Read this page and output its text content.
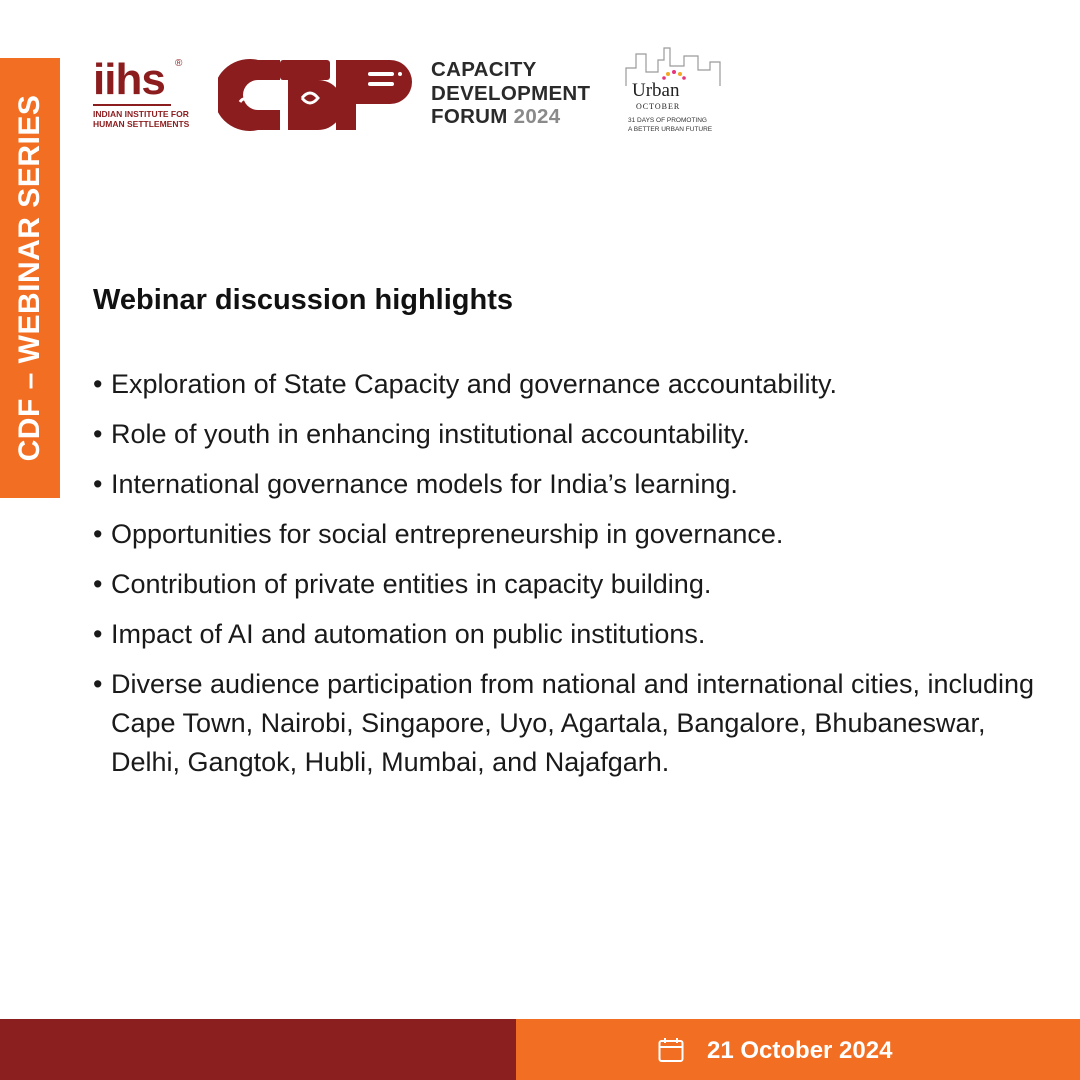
CDF – WEBINAR SERIES
iihs	®
INDIAN INSTITUTE FOR
HUMAN SETTLEMENTS
CAPACITY
DEVELOPMENT
FORUM 2024
Urban
OCTOBER
31 DAYS OF PROMOTING
A BETTER URBAN FUTURE
Webinar discussion highlights
• Exploration of State Capacity and governance accountability.
• Role of youth in enhancing institutional accountability.
• International governance models for India’s learning.
• Opportunities for social entrepreneurship in governance.
• Contribution of private entities in capacity building.
• Impact of AI and automation on public institutions.
• Diverse audience participation from national and international cities, including Cape Town, Nairobi, Singapore, Uyo, Agartala, Bangalore, Bhubaneswar, Delhi, Gangtok, Hubli, Mumbai, and Najafgarh.
21 October 2024
